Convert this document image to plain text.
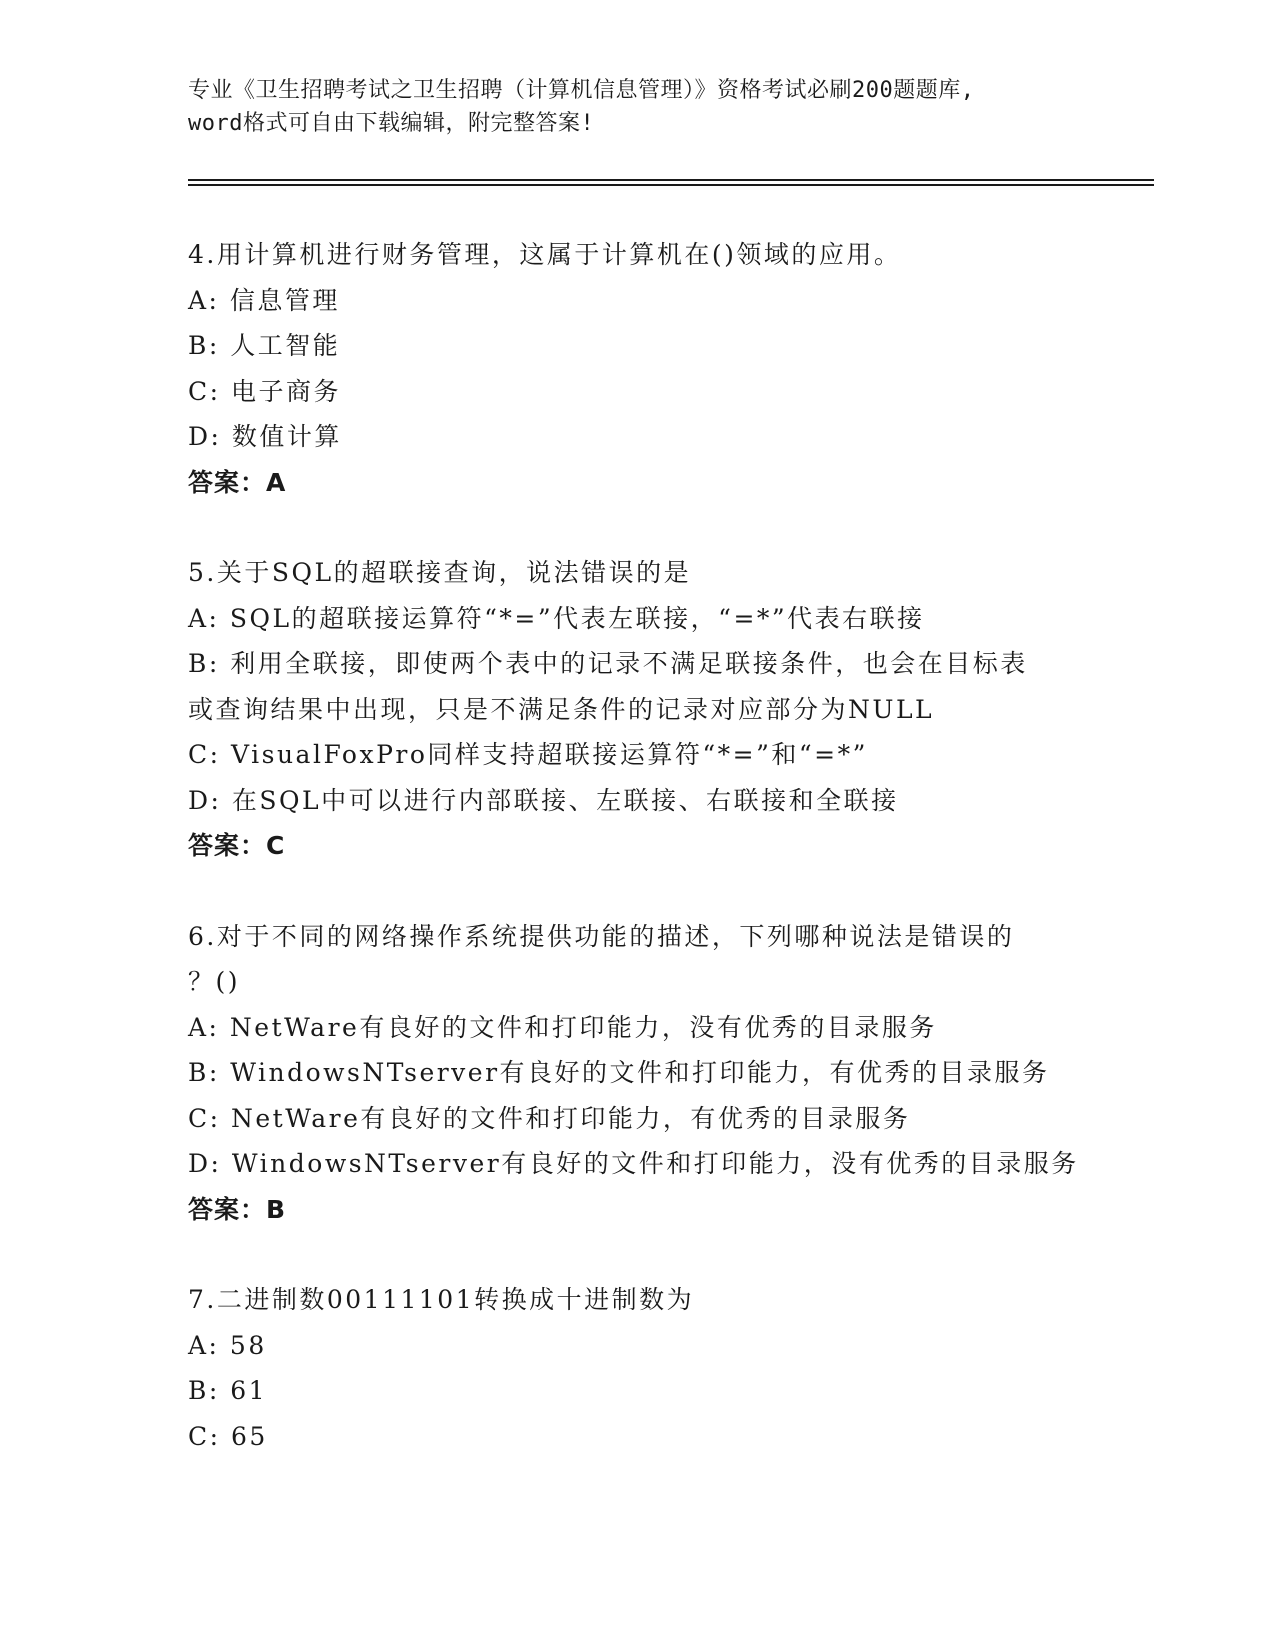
专业《卫生招聘考试之卫生招聘（计算机信息管理）》资格考试必刷200题题库,
word格式可自由下载编辑，附完整答案!
4.用计算机进行财务管理，这属于计算机在()领域的应用。
A: 信息管理
B: 人工智能
C: 电子商务
D: 数值计算
答案：A
5.关于SQL的超联接查询，说法错误的是
A: SQL的超联接运算符“*=”代表左联接，“=*”代表右联接
B: 利用全联接，即使两个表中的记录不满足联接条件，也会在目标表
或查询结果中出现，只是不满足条件的记录对应部分为NULL
C: VisualFoxPro同样支持超联接运算符“*=”和“=*”
D: 在SQL中可以进行内部联接、左联接、右联接和全联接
答案：C
6.对于不同的网络操作系统提供功能的描述，下列哪种说法是错误的
？()
A: NetWare有良好的文件和打印能力，没有优秀的目录服务
B: WindowsNTserver有良好的文件和打印能力，有优秀的目录服务
C: NetWare有良好的文件和打印能力，有优秀的目录服务
D: WindowsNTserver有良好的文件和打印能力，没有优秀的目录服务
答案：B
7.二进制数00111101转换成十进制数为
A: 58
B: 61
C: 65
